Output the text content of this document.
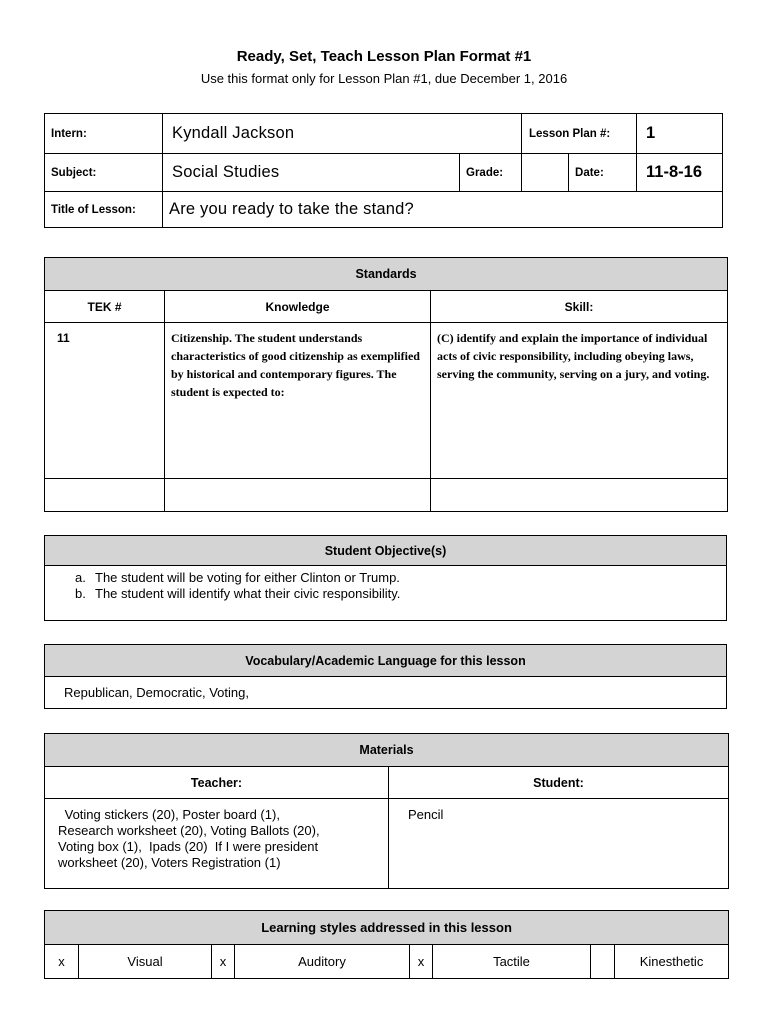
Ready, Set, Teach Lesson Plan Format #1
Use this format only for Lesson Plan #1, due December 1, 2016
Intern:	Kyndall Jackson		Lesson Plan #:		1
Subject:	Social Studies	Grade:		Date:	11-8-16
Title of Lesson:	Are you ready to take the stand?				
Standards		
TEK #	Knowledge	Skill:
11	Citizenship. The student understands characteristics of good citizenship as exemplified by historical and contemporary figures. The student is expected to:	(C) identify and explain the importance of individual acts of civic responsibility, including obeying laws, serving the community, serving on a jury, and voting.

Student Objective(s)

a. The student will be voting for either Clinton or Trump.
b. The student will identify what their civic responsibility.
Vocabulary/Academic Language for this lesson
Republican, Democratic, Voting,
Materials	
Teacher:	Student:

Voting stickers (20), Poster board (1),
Research worksheet (20), Voting Ballots (20),
Voting box (1),  Ipads (20)  If I were president
worksheet (20), Voters Registration (1)	Pencil
Learning styles addressed in this lesson
x	Visual	x	Auditory	x	Tactile		Kinesthetic
